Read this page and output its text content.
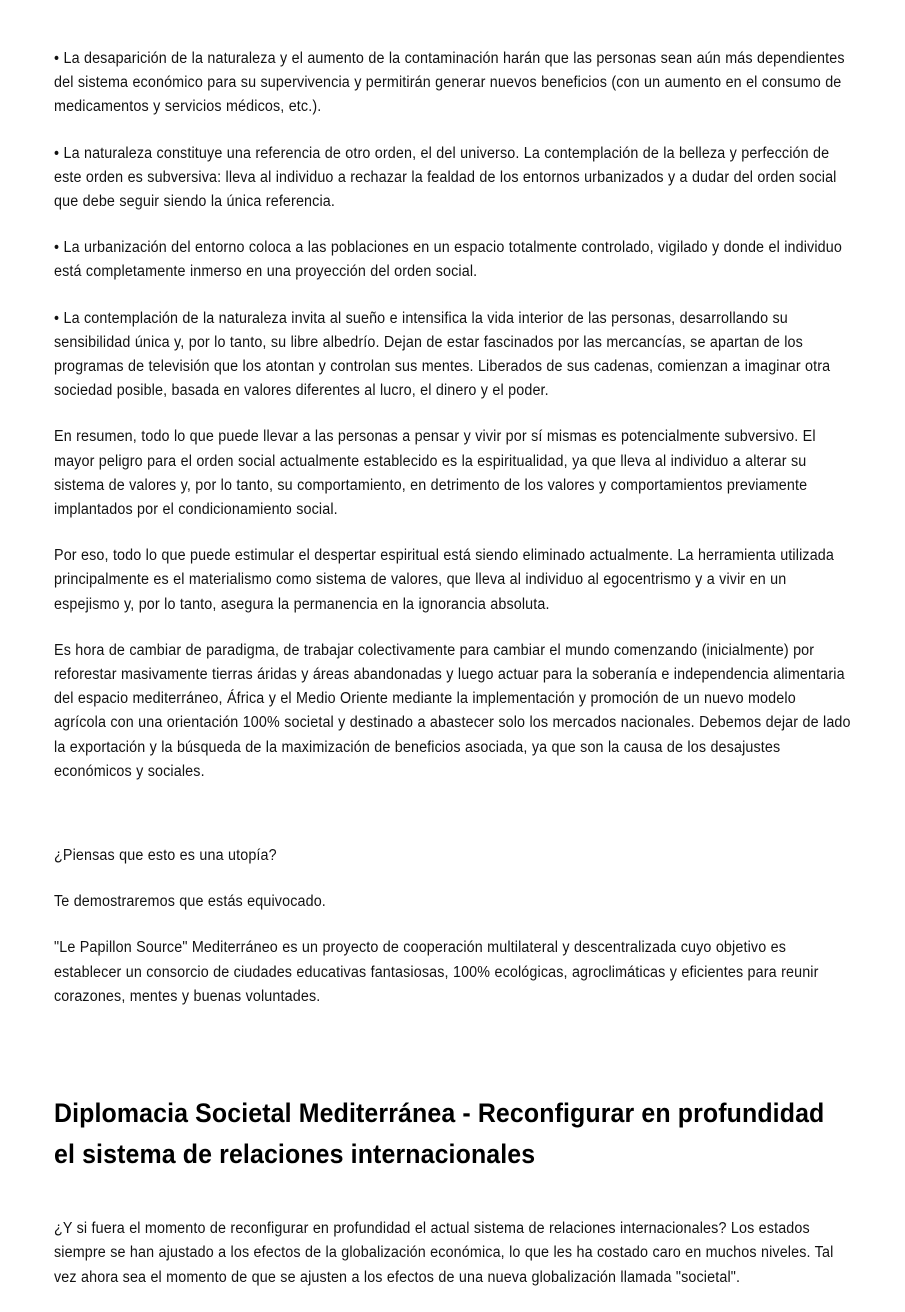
• La desaparición de la naturaleza y el aumento de la contaminación harán que las personas sean aún más dependientes del sistema económico para su supervivencia y permitirán generar nuevos beneficios (con un aumento en el consumo de medicamentos y servicios médicos, etc.).

• La naturaleza constituye una referencia de otro orden, el del universo. La contemplación de la belleza y perfección de este orden es subversiva: lleva al individuo a rechazar la fealdad de los entornos urbanizados y a dudar del orden social que debe seguir siendo la única referencia.

• La urbanización del entorno coloca a las poblaciones en un espacio totalmente controlado, vigilado y donde el individuo está completamente inmerso en una proyección del orden social.

• La contemplación de la naturaleza invita al sueño e intensifica la vida interior de las personas, desarrollando su sensibilidad única y, por lo tanto, su libre albedrío. Dejan de estar fascinados por las mercancías, se apartan de los programas de televisión que los atontan y controlan sus mentes. Liberados de sus cadenas, comienzan a imaginar otra sociedad posible, basada en valores diferentes al lucro, el dinero y el poder.

En resumen, todo lo que puede llevar a las personas a pensar y vivir por sí mismas es potencialmente subversivo. El mayor peligro para el orden social actualmente establecido es la espiritualidad, ya que lleva al individuo a alterar su sistema de valores y, por lo tanto, su comportamiento, en detrimento de los valores y comportamientos previamente implantados por el condicionamiento social.

Por eso, todo lo que puede estimular el despertar espiritual está siendo eliminado actualmente. La herramienta utilizada principalmente es el materialismo como sistema de valores, que lleva al individuo al egocentrismo y a vivir en un espejismo y, por lo tanto, asegura la permanencia en la ignorancia absoluta.

Es hora de cambiar de paradigma, de trabajar colectivamente para cambiar el mundo comenzando (inicialmente) por reforestar masivamente tierras áridas y áreas abandonadas y luego actuar para la soberanía e independencia alimentaria del espacio mediterráneo, África y el Medio Oriente mediante la implementación y promoción de un nuevo modelo agrícola con una orientación 100% societal y destinado a abastecer solo los mercados nacionales. Debemos dejar de lado la exportación y la búsqueda de la maximización de beneficios asociada, ya que son la causa de los desajustes económicos y sociales.

¿Piensas que esto es una utopía?

Te demostraremos que estás equivocado.

"Le Papillon Source" Mediterráneo es un proyecto de cooperación multilateral y descentralizada cuyo objetivo es establecer un consorcio de ciudades educativas fantasiosas, 100% ecológicas, agroclimáticas y eficientes para reunir corazones, mentes y buenas voluntades.

Diplomacia Societal Mediterránea - Reconfigurar en profundidad el sistema de relaciones internacionales

¿Y si fuera el momento de reconfigurar en profundidad el actual sistema de relaciones internacionales? Los estados siempre se han ajustado a los efectos de la globalización económica, lo que les ha costado caro en muchos niveles. Tal vez ahora sea el momento de que se ajusten a los efectos de una nueva globalización llamada "societal".
